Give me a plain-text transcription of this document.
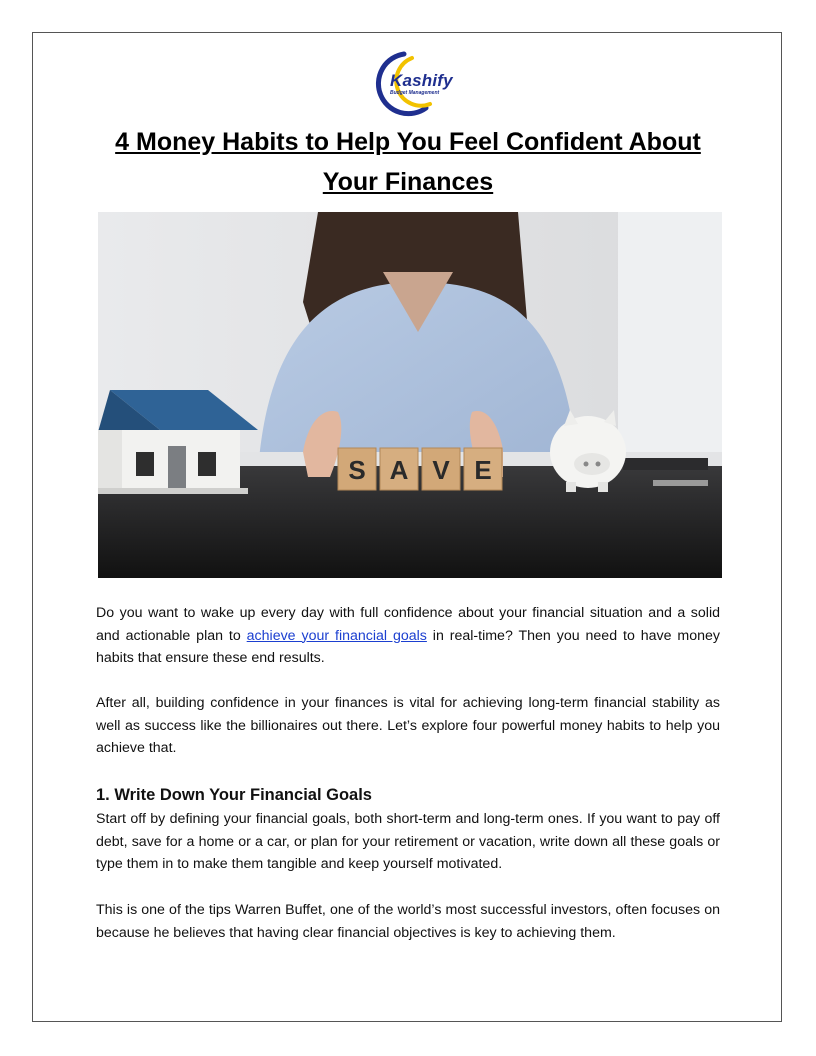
Kashify
Budget Management
4 Money Habits to Help You Feel Confident About Your Finances
S A V E

Do you want to wake up every day with full confidence about your financial situation and a solid and actionable plan to achieve your financial goals in real-time? Then you need to have money habits that ensure these end results.

After all, building confidence in your finances is vital for achieving long-term financial stability as well as success like the billionaires out there. Let’s explore four powerful money habits to help you achieve that.

1. Write Down Your Financial Goals

Start off by defining your financial goals, both short-term and long-term ones. If you want to pay off debt, save for a home or a car, or plan for your retirement or vacation, write down all these goals or type them in to make them tangible and keep yourself motivated.

This is one of the tips Warren Buffet, one of the world’s most successful investors, often focuses on because he believes that having clear financial objectives is key to achieving them.
